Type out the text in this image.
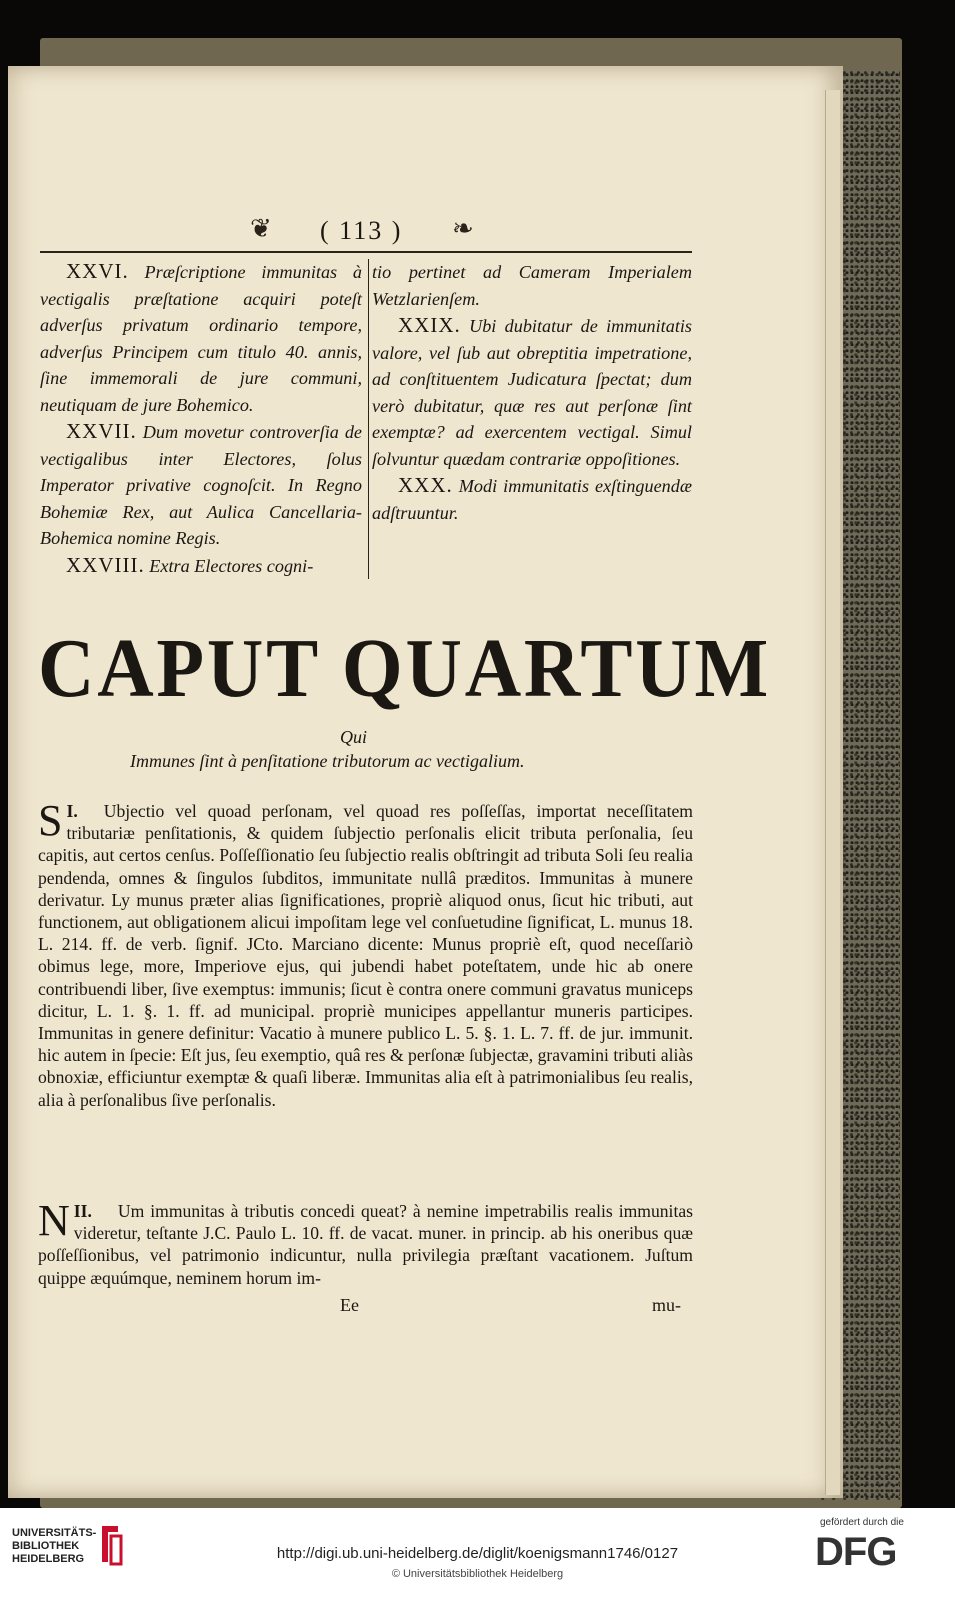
❦ ( 113 ) ❧

XXVI. Præſcriptione immunitas à vectigalis præſtatione acquiri poteſt adverſus privatum ordinario tempore, adverſus Principem cum titulo 40. annis, ſine immemorali de jure communi, neutiquam de jure Bohemico.

XXVII. Dum movetur controverſia de vectigalibus inter Electores, ſolus Imperator privative cognoſcit. In Regno Bohemiæ Rex, aut Aulica Cancellaria-Bohemica nomine Regis.

XXVIII. Extra Electores cogni-

tio pertinet ad Cameram Imperialem Wetzlarienſem.

XXIX. Ubi dubitatur de immunitatis valore, vel ſub aut obreptitia impetratione, ad conſtituentem Judicatura ſpectat; dum verò dubitatur, quæ res aut perſonæ ſint exemptæ? ad exercentem vectigal. Simul ſolvuntur quædam contrariæ oppoſitiones.

XXX. Modi immunitatis exſtinguendæ adſtruuntur.

CAPUT QUARTUM
Qui
Immunes ſint à penſitatione tributorum ac vectigalium.

I.
S Ubjectio vel quoad perſonam, vel quoad res poſſeſſas, importat neceſſitatem tributariæ penſitationis, & quidem ſubjectio perſonalis elicit tributa perſonalia, ſeu capitis, aut certos cenſus. Poſſeſſionatio ſeu ſubjectio realis obſtringit ad tributa Soli ſeu realia pendenda, omnes & ſingulos ſubditos, immunitate nullâ præditos. Immunitas à munere derivatur. Ly munus præter alias ſignificationes, propriè aliquod onus, ſicut hic tributi, aut functionem, aut obligationem alicui impoſitam lege vel conſuetudine ſignificat, L. munus 18. L. 214. ff. de verb. ſignif. JCto. Marciano dicente: Munus propriè eſt, quod neceſſariò obimus lege, more, Imperiove ejus, qui jubendi habet poteſtatem, unde hic ab onere contribuendi liber, ſive exemptus: immunis; ſicut è contra onere communi gravatus municeps dicitur, L. 1. §. 1. ff. ad municipal. propriè municipes appellantur muneris participes. Immunitas in genere definitur: Vacatio à munere publico L. 5. §. 1. L. 7. ff. de jur. immunit. hic autem in ſpecie: Eſt jus, ſeu exemptio, quâ res & perſonæ ſubjectæ, gravamini tributi aliàs obnoxiæ, efficiuntur exemptæ & quaſi liberæ. Immunitas alia eſt à patrimonialibus ſeu realis, alia à perſonalibus ſive perſonalis.

II.
N	Um immunitas à tributis concedi queat? à nemine impetrabilis realis immunitas videretur, teſtante J.C. Paulo L. 10. ff. de vacat. muner. in princip. ab his oneribus quæ poſſeſſionibus, vel patrimonio indicuntur, nulla privilegia præſtant vacationem. Juſtum quippe æquúmque, neminem horum im-

Ee	mu-
UNIVERSITÄTS-
BIBLIOTHEK
HEIDELBERG	http://digi.ub.uni-heidelberg.de/diglit/koenigsmann1746/0127
© Universitätsbibliothek Heidelberg
gefördert durch die
DFG
